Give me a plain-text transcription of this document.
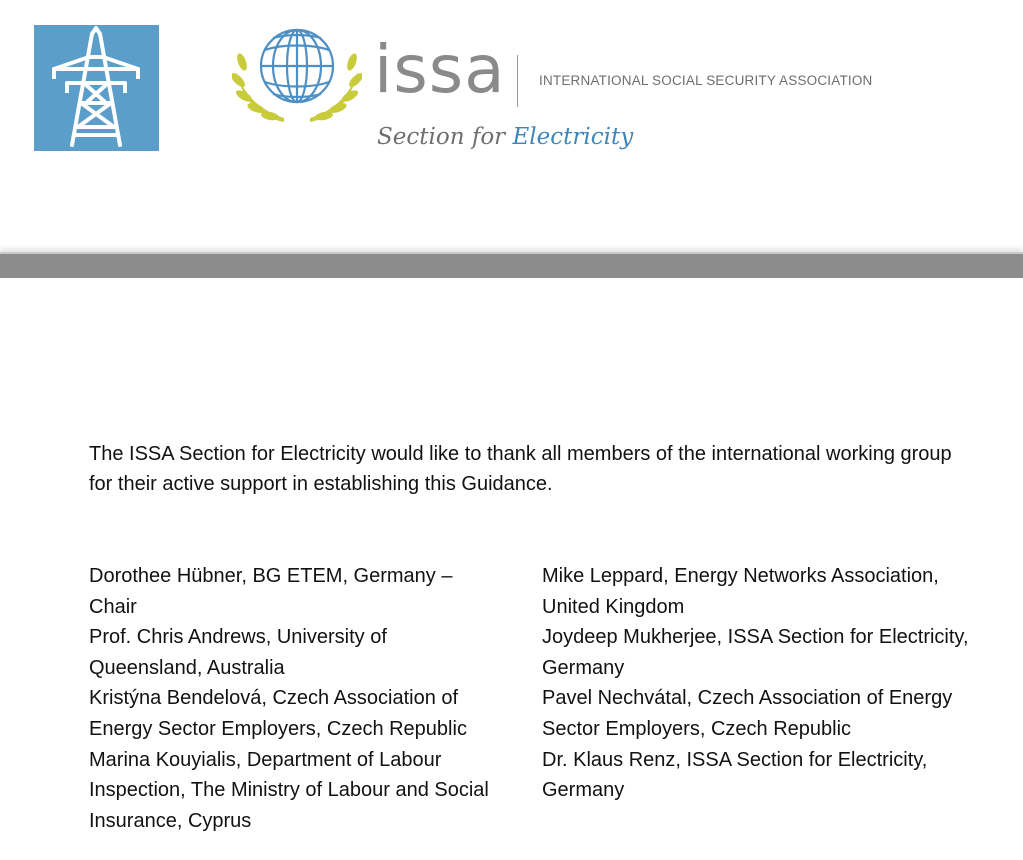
issa INTERNATIONAL SOCIAL SECURITY ASSOCIATION
Section for Electricity

The ISSA Section for Electricity would like to thank all members of the international working group for their active support in establishing this Guidance.

Dorothee Hübner, BG ETEM, Germany – Chair
Prof. Chris Andrews, University of Queensland, Australia
Kristýna Bendelová, Czech Association of Energy Sector Employers, Czech Republic
Marina Kouyialis, Department of Labour Inspection, The Ministry of Labour and Social Insurance, Cyprus
Mike Leppard, Energy Networks Association, United Kingdom
Joydeep Mukherjee, ISSA Section for Electricity, Germany
Pavel Nechvátal, Czech Association of Energy Sector Employers, Czech Republic
Dr. Klaus Renz, ISSA Section for Electricity, Germany
